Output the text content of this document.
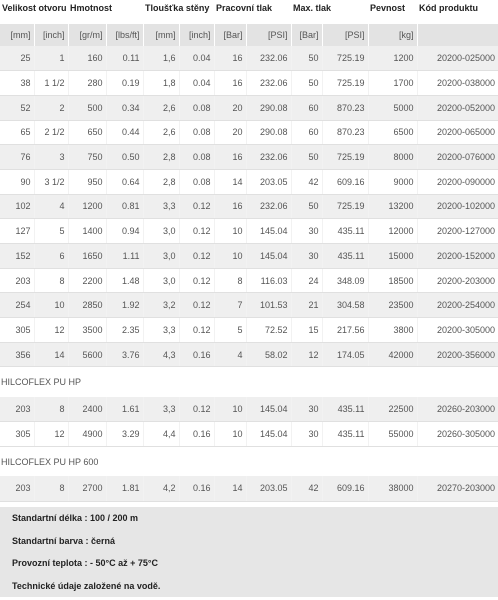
Velikost otvoru		Hmotnost		Tloušťka stěny		Pracovní tlak		Max. tlak		Pevnost	Kód produktu
[mm]	[inch]	[gr/m]	[lbs/ft]	[mm]	[inch]	[Bar]	[PSI]	[Bar]	[PSI]	[kg]	
25	1	160	0.11	1,6	0.04	16	232.06	50	725.19	1200	20200-025000
38	1 1/2	280	0.19	1,8	0.04	16	232.06	50	725.19	1700	20200-038000
52	2	500	0.34	2,6	0.08	20	290.08	60	870.23	5000	20200-052000
65	2 1/2	650	0.44	2,6	0.08	20	290.08	60	870.23	6500	20200-065000
76	3	750	0.50	2,8	0.08	16	232.06	50	725.19	8000	20200-076000
90	3 1/2	950	0.64	2,8	0.08	14	203.05	42	609.16	9000	20200-090000
102	4	1200	0.81	3,3	0.12	16	232.06	50	725.19	13200	20200-102000
127	5	1400	0.94	3,0	0.12	10	145.04	30	435.11	12000	20200-127000
152	6	1650	1.11	3,0	0.12	10	145.04	30	435.11	15000	20200-152000
203	8	2200	1.48	3,0	0.12	8	116.03	24	348.09	18500	20200-203000
254	10	2850	1.92	3,2	0.12	7	101.53	21	304.58	23500	20200-254000
305	12	3500	2.35	3,3	0.12	5	72.52	15	217.56	3800	20200-305000
356	14	5600	3.76	4,3	0.16	4	58.02	12	174.05	42000	20200-356000
HILCOFLEX PU HP											
203	8	2400	1.61	3,3	0.12	10	145.04	30	435.11	22500	20260-203000
305	12	4900	3.29	4,4	0.16	10	145.04	30	435.11	55000	20260-305000
HILCOFLEX PU HP 600											
203	8	2700	1.81	4,2	0.16	14	203.05	42	609.16	38000	20270-203000

Standartní délka : 100 / 200 m											
Standartní barva : černá											
Provozní teplota : - 50°C až + 75°C											
Technické údaje založené na vodě.											
